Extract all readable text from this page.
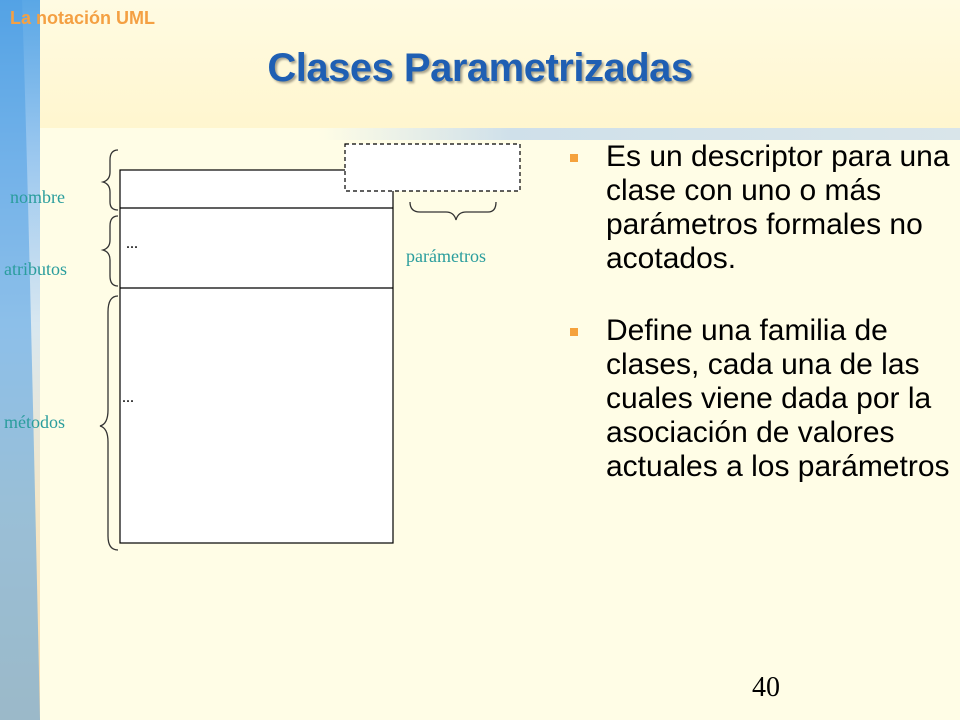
La notación UML
Clases Parametrizadas
...
...
nombre
atributos
métodos
parámetros
Es un descriptor para una clase con uno o más parámetros formales no acotados.
Define una familia de clases, cada una de las cuales viene dada por la asociación de valores actuales a los parámetros
40
